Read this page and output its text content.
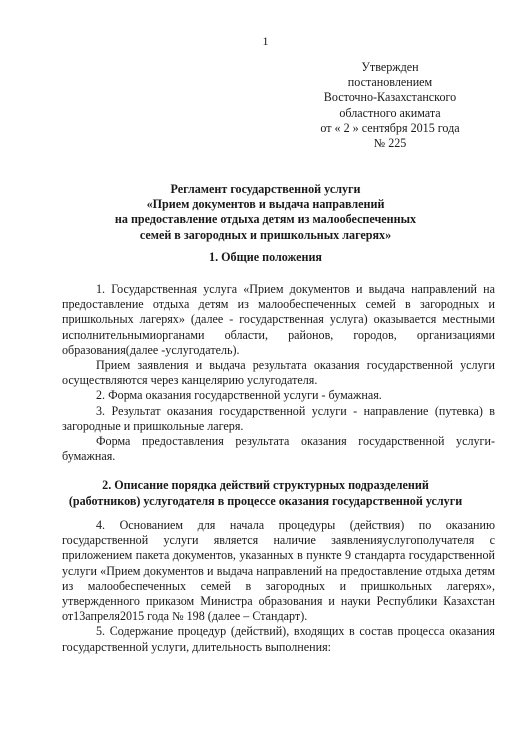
1
Утвержден
постановлением
Восточно-Казахстанского
областного акимата
от « 2 » сентября 2015 года
№ 225
Регламент государственной услуги
«Прием документов и выдача направлений
на предоставление отдыха детям из малообеспеченных
семей в загородных и пришкольных лагерях»
1. Общие положения

1. Государственная услуга «Прием документов и выдача направлений на предоставление отдыха детям из малообеспеченных семей в загородных и пришкольных лагерях» (далее - государственная услуга) оказывается местными исполнительнымиорганами области, районов, городов, организациями образования(далее -услугодатель).

Прием заявления и выдача результата оказания государственной услуги осуществляются через канцелярию услугодателя.

2. Форма оказания государственной услуги - бумажная.

3. Результат оказания государственной услуги - направление (путевка) в загородные и пришкольные лагеря.

Форма предоставления результата оказания государственной услуги-бумажная.

2. Описание порядка действий структурных подразделений
(работников) услугодателя в процессе оказания государственной услуги

4. Основанием для начала процедуры (действия) по оказанию государственной услуги является наличие заявленияуслугополучателя с приложением пакета документов, указанных в пункте 9 стандарта государственной услуги «Прием документов и выдача направлений на предоставление отдыха детям из малообеспеченных семей в загородных и пришкольных лагерях», утвержденного приказом Министра образования и науки Республики Казахстан от13апреля2015 года № 198 (далее – Стандарт).

5. Содержание процедур (действий), входящих в состав процесса оказания государственной услуги, длительность выполнения:
